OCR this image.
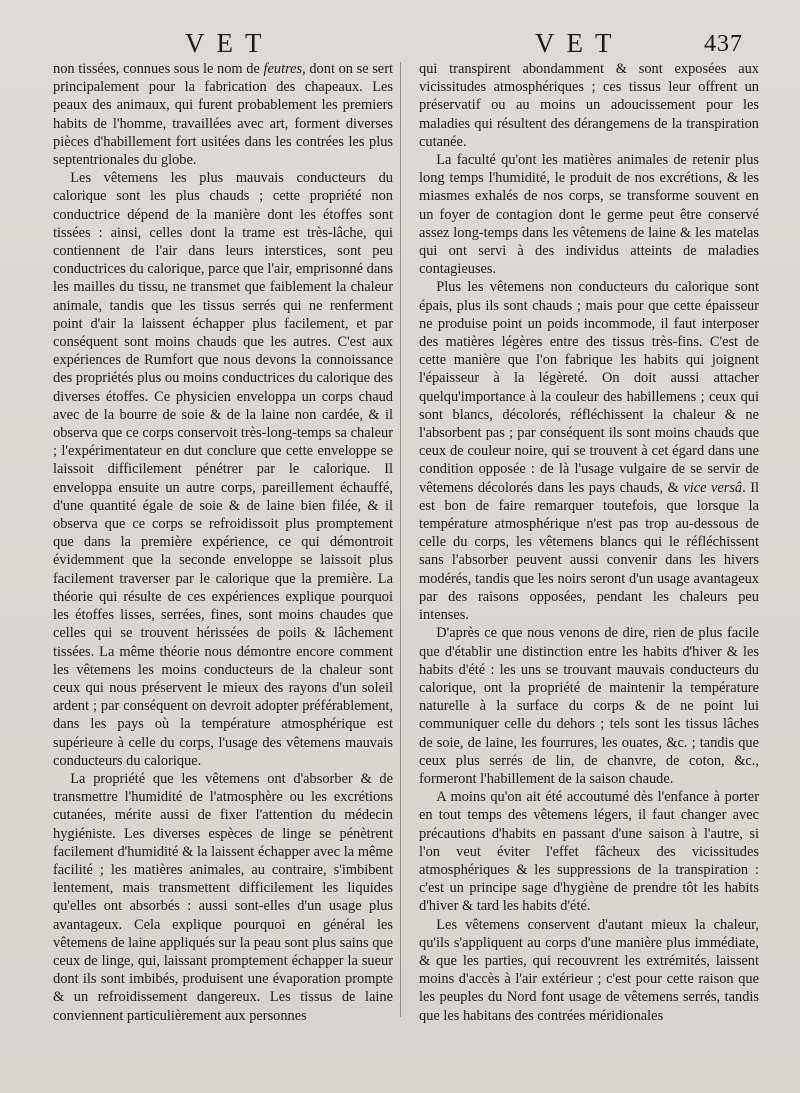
VET	VET	437

non tissées, connues sous le nom de feutres, dont on se sert principalement pour la fabrication des chapeaux. Les peaux des animaux, qui furent probablement les premiers habits de l'homme, travaillées avec art, forment diverses pièces d'habillement fort usitées dans les contrées les plus septentrionales du globe.

Les vêtemens les plus mauvais conducteurs du calorique sont les plus chauds ; cette propriété non conductrice dépend de la manière dont les étoffes sont tissées : ainsi, celles dont la trame est très-lâche, qui contiennent de l'air dans leurs interstices, sont peu conductrices du calorique, parce que l'air, emprisonné dans les mailles du tissu, ne transmet que faiblement la chaleur animale, tandis que les tissus serrés qui ne renferment point d'air la laissent échapper plus facilement, et par conséquent sont moins chauds que les autres. C'est aux expériences de Rumfort que nous devons la connoissance des propriétés plus ou moins conductrices du calorique des diverses étoffes. Ce physicien enveloppa un corps chaud avec de la bourre de soie & de la laine non cardée, & il observa que ce corps conservoit très-long-temps sa chaleur ; l'expérimentateur en dut conclure que cette enveloppe se laissoit difficilement pénétrer par le calorique. Il enveloppa ensuite un autre corps, pareillement échauffé, d'une quantité égale de soie & de laine bien filée, & il observa que ce corps se refroidissoit plus promptement que dans la première expérience, ce qui démontroit évidemment que la seconde enveloppe se laissoit plus facilement traverser par le calorique que la première. La théorie qui résulte de ces expériences explique pourquoi les étoffes lisses, serrées, fines, sont moins chaudes que celles qui se trouvent hérissées de poils & lâchement tissées. La même théorie nous démontre encore comment les vêtemens les moins conducteurs de la chaleur sont ceux qui nous préservent le mieux des rayons d'un soleil ardent ; par conséquent on devroit adopter préférablement, dans les pays où la température atmosphérique est supérieure à celle du corps, l'usage des vêtemens mauvais conducteurs du calorique.

La propriété que les vêtemens ont d'absorber & de transmettre l'humidité de l'atmosphère ou les excrétions cutanées, mérite aussi de fixer l'attention du médecin hygiéniste. Les diverses espèces de linge se pénètrent facilement d'humidité & la laissent échapper avec la même facilité ; les matières animales, au contraire, s'imbibent lentement, mais transmettent difficilement les liquides qu'elles ont absorbés : aussi sont-elles d'un usage plus avantageux. Cela explique pourquoi en général les vêtemens de laine appliqués sur la peau sont plus sains que ceux de linge, qui, laissant promptement échapper la sueur dont ils sont imbibés, produisent une évaporation prompte & un refroidissement dangereux. Les tissus de laine conviennent particulièrement aux personnes

qui transpirent abondamment & sont exposées aux vicissitudes atmosphériques ; ces tissus leur offrent un préservatif ou au moins un adoucissement pour les maladies qui résultent des dérangemens de la transpiration cutanée.

La faculté qu'ont les matières animales de retenir plus long temps l'humidité, le produit de nos excrétions, & les miasmes exhalés de nos corps, se transforme souvent en un foyer de contagion dont le germe peut être conservé assez long-temps dans les vêtemens de laine & les matelas qui ont servi à des individus atteints de maladies contagieuses.

Plus les vêtemens non conducteurs du calorique sont épais, plus ils sont chauds ; mais pour que cette épaisseur ne produise point un poids incommode, il faut interposer des matières légères entre des tissus très-fins. C'est de cette manière que l'on fabrique les habits qui joignent l'épaisseur à la légèreté. On doit aussi attacher quelqu'importance à la couleur des habillemens ; ceux qui sont blancs, décolorés, réfléchissent la chaleur & ne l'absorbent pas ; par conséquent ils sont moins chauds que ceux de couleur noire, qui se trouvent à cet égard dans une condition opposée : de là l'usage vulgaire de se servir de vêtemens décolorés dans les pays chauds, & vice versâ. Il est bon de faire remarquer toutefois, que lorsque la température atmosphérique n'est pas trop au-dessous de celle du corps, les vêtemens blancs qui le réfléchissent sans l'absorber peuvent aussi convenir dans les hivers modérés, tandis que les noirs seront d'un usage avantageux par des raisons opposées, pendant les chaleurs peu intenses.

D'après ce que nous venons de dire, rien de plus facile que d'établir une distinction entre les habits d'hiver & les habits d'été : les uns se trouvant mauvais conducteurs du calorique, ont la propriété de maintenir la température naturelle à la surface du corps & de ne point lui communiquer celle du dehors ; tels sont les tissus lâches de soie, de laine, les fourrures, les ouates, &c. ; tandis que ceux plus serrés de lin, de chanvre, de coton, &c., formeront l'habillement de la saison chaude.

A moins qu'on ait été accoutumé dès l'enfance à porter en tout temps des vêtemens légers, il faut changer avec précautions d'habits en passant d'une saison à l'autre, si l'on veut éviter l'effet fâcheux des vicissitudes atmosphériques & les suppressions de la transpiration : c'est un principe sage d'hygiène de prendre tôt les habits d'hiver & tard les habits d'été.

Les vêtemens conservent d'autant mieux la chaleur, qu'ils s'appliquent au corps d'une manière plus immédiate, & que les parties, qui recouvrent les extrémités, laissent moins d'accès à l'air extérieur ; c'est pour cette raison que les peuples du Nord font usage de vêtemens serrés, tandis que les habitans des contrées méridionales
